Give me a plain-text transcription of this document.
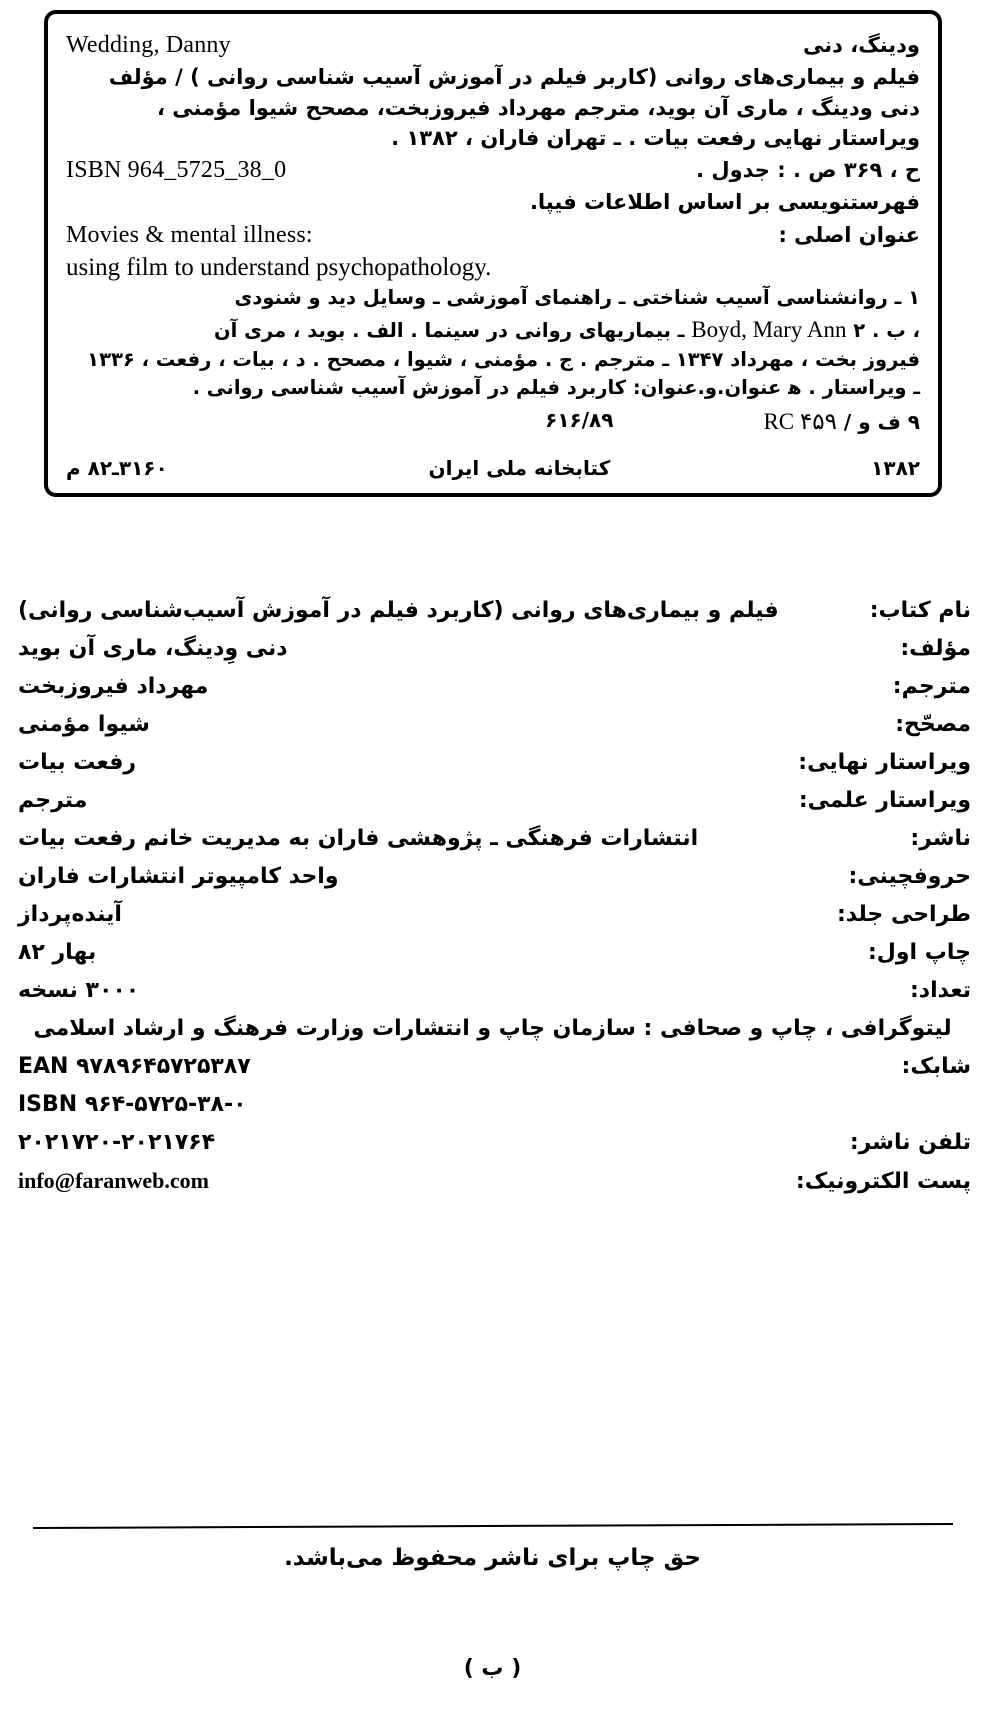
ودینگ، دنی
Wedding, Danny
فیلم و بیماری‌های روانی (کاربر فیلم در آموزش آسیب شناسی روانی ) / مؤلف
دنی ودینگ ، ماری آن بوید، مترجم مهرداد فیروزبخت، مصحح شیوا مؤمنی ،
ویراستار نهایی رفعت بیات . ـ تهران فاران ، ۱۳۸۲ .
ح ، ۳۶۹ ص . : جدول .
ISBN 964_5725_38_0
فهرستنویسی بر اساس اطلاعات فیپا.
عنوان اصلی :
Movies & mental illness:
using film to understand psychopathology.
۱ ـ روانشناسی آسیب شناختی ـ راهنمای آموزشی ـ وسایل دید و شنودی
، ب . Boyd, Mary Ann ۲ ـ بیماریهای روانی در سینما . الف . بوید ، مری آن
فیروز بخت ، مهرداد ۱۳۴۷ ـ مترجم . ج . مؤمنی ، شیوا ، مصحح . د ، بیات ، رفعت ، ۱۳۳۶
ـ ویراستار . ه‍ عنوان.و.عنوان: کاربرد فیلم در آموزش آسیب شناسی روانی .
۹ ف و / RC ۴۵۹
۶۱۶/۸۹
۱۳۸۲
کتابخانه ملی ایران
۳۱۶۰ـ۸۲ م
نام کتاب:
فیلم و بیماری‌های روانی (کاربرد فیلم در آموزش آسیب‌شناسی روانی)
مؤلف:
دنی وِدینگ، ماری آن بوید
مترجم:
مهرداد فیروزبخت
مصحّح:
شیوا مؤمنی
ویراستار نهایی:
رفعت بیات
ویراستار علمی:
مترجم
ناشر:
انتشارات فرهنگی ـ پژوهشی فاران به مدیریت خانم رفعت بیات
حروفچینی:
واحد کامپیوتر انتشارات فاران
طراحی جلد:
آینده‌پرداز
چاپ اول:
بهار ۸۲
تعداد:
۳۰۰۰ نسخه
لیتوگرافی ، چاپ و صحافی : سازمان چاپ و انتشارات وزارت فرهنگ و ارشاد اسلامی
شابک:
EAN ۹۷۸۹۶۴۵۷۲۵۳۸۷
ISBN ۹۶۴-۵۷۲۵-۳۸-۰
تلفن ناشر:
۲۰۲۱۷۲۰-۲۰۲۱۷۶۴
پست الکترونیک:
info@faranweb.com
حق چاپ برای ناشر محفوظ می‌باشد.
( ب )
